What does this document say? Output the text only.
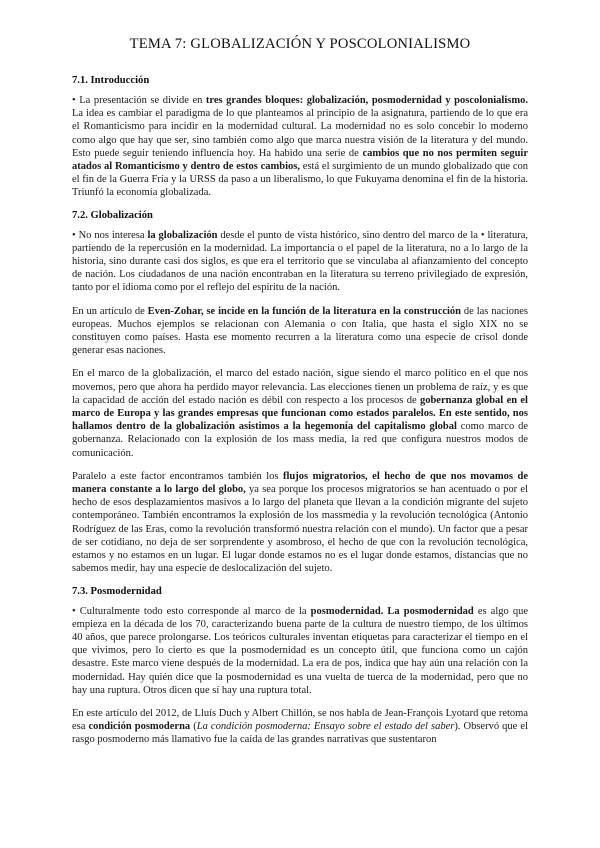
TEMA 7: GLOBALIZACIÓN Y POSCOLONIALISMO
7.1. Introducción

• La presentación se divide en tres grandes bloques: globalización, posmodernidad y poscolonialismo. La idea es cambiar el paradigma de lo que planteamos al principio de la asignatura, partiendo de lo que era el Romanticismo para incidir en la modernidad cultural. La modernidad no es solo concebir lo moderno como algo que hay que ser, sino también como algo que marca nuestra visión de la literatura y del mundo. Esto puede seguir teniendo influencia hoy. Ha habido una serie de cambios que no nos permiten seguir atados al Romanticismo y dentro de estos cambios, está el surgimiento de un mundo globalizado que con el fin de la Guerra Fría y la URSS da paso a un liberalismo, lo que Fukuyama denomina el fin de la historia. Triunfó la economía globalizada.

7.2. Globalización

• No nos interesa la globalización desde el punto de vista histórico, sino dentro del marco de la • literatura, partiendo de la repercusión en la modernidad. La importancia o el papel de la literatura, no a lo largo de la historia, sino durante casi dos siglos, es que era el territorio que se vinculaba al afianzamiento del concepto de nación. Los ciudadanos de una nación encontraban en la literatura su terreno privilegiado de expresión, tanto por el idioma como por el reflejo del espíritu de la nación.

En un artículo de Even-Zohar, se incide en la función de la literatura en la construcción de las naciones europeas. Muchos ejemplos se relacionan con Alemania o con Italia, que hasta el siglo XIX no se constituyen como países. Hasta ese momento recurren a la literatura como una especie de crisol donde generar esas naciones.

En el marco de la globalización, el marco del estado nación, sigue siendo el marco político en el que nos movemos, pero que ahora ha perdido mayor relevancia. Las elecciones tienen un problema de raíz, y es que la capacidad de acción del estado nación es débil con respecto a los procesos de gobernanza global en el marco de Europa y las grandes empresas que funcionan como estados paralelos. En este sentido, nos hallamos dentro de la globalización asistimos a la hegemonía del capitalismo global como marco de gobernanza. Relacionado con la explosión de los mass media, la red que configura nuestros modos de comunicación.

Paralelo a este factor encontramos también los flujos migratorios, el hecho de que nos movamos de manera constante a lo largo del globo, ya sea porque los procesos migratorios se han acentuado o por el hecho de esos desplazamientos masivos a lo largo del planeta que llevan a la condición migrante del sujeto contemporáneo. También encontramos la explosión de los massmedia y la revolución tecnológica (Antonio Rodríguez de las Eras, como la revolución transformó nuestra relación con el mundo). Un factor que a pesar de ser cotidiano, no deja de ser sorprendente y asombroso, el hecho de que con la revolución tecnológica, estamos y no estamos en un lugar. El lugar donde estamos no es el lugar donde estamos, distancias que no sabemos medir, hay una especie de deslocalización del sujeto.

7.3. Posmodernidad

• Culturalmente todo esto corresponde al marco de la posmodernidad. La posmodernidad es algo que empieza en la década de los 70, caracterizando buena parte de la cultura de nuestro tiempo, de los últimos 40 años, que parece prolongarse. Los teóricos culturales inventan etiquetas para caracterizar el tiempo en el que vivimos, pero lo cierto es que la posmodernidad es un concepto útil, que funciona como un cajón desastre. Este marco viene después de la modernidad. La era de pos, indica que hay aún una relación con la modernidad. Hay quién dice que la posmodernidad es una vuelta de tuerca de la modernidad, pero que no hay una ruptura. Otros dicen que sí hay una ruptura total.

En este artículo del 2012, de Lluís Duch y Albert Chillón, se nos habla de Jean-François Lyotard que retoma esa condición posmoderna (La condición posmoderna: Ensayo sobre el estado del saber). Observó que el rasgo posmoderno más llamativo fue la caída de las grandes narrativas que sustentaron
